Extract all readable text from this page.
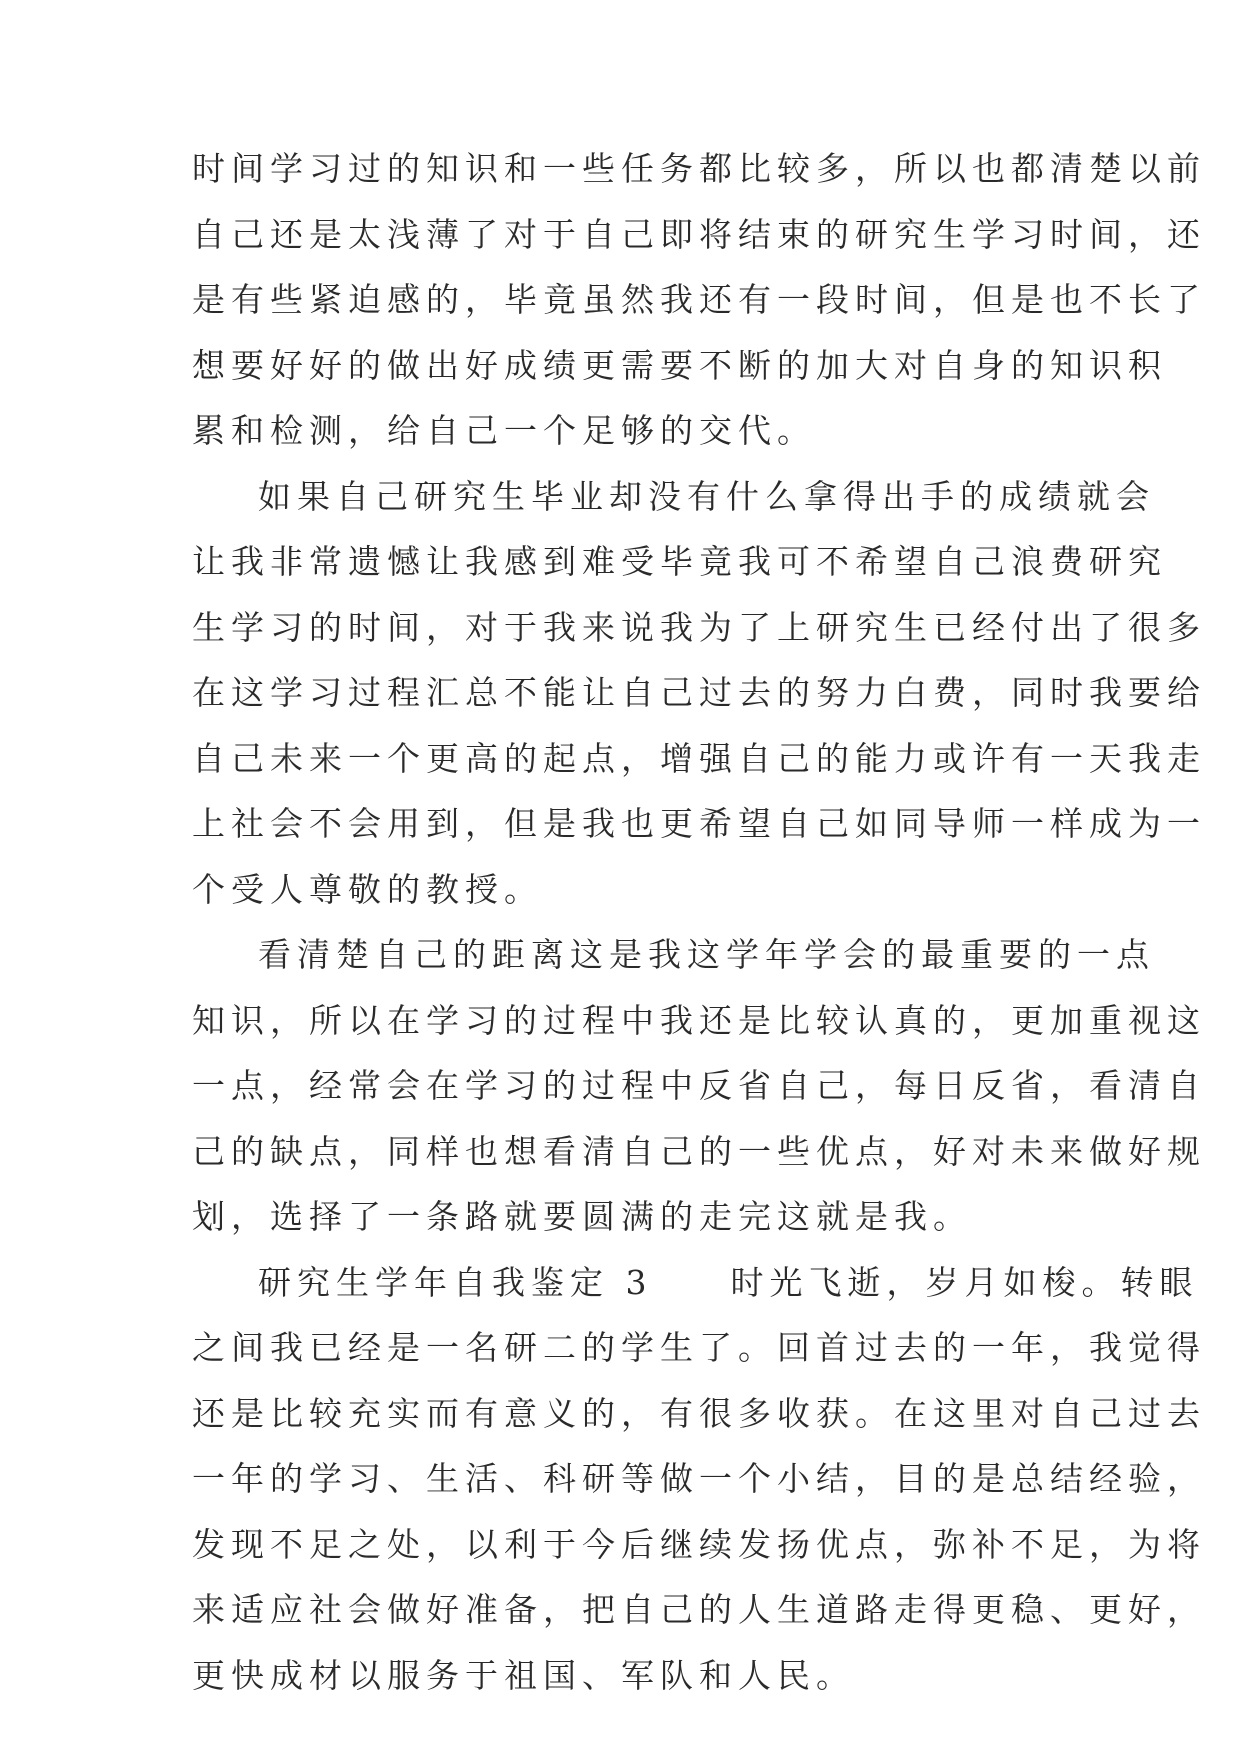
时间学习过的知识和一些任务都比较多，所以也都清楚以前
自己还是太浅薄了对于自己即将结束的研究生学习时间，还
是有些紧迫感的，毕竟虽然我还有一段时间，但是也不长了
想要好好的做出好成绩更需要不断的加大对自身的知识积
累和检测，给自己一个足够的交代。
如果自己研究生毕业却没有什么拿得出手的成绩就会
让我非常遗憾让我感到难受毕竟我可不希望自己浪费研究
生学习的时间，对于我来说我为了上研究生已经付出了很多
在这学习过程汇总不能让自己过去的努力白费，同时我要给
自己未来一个更高的起点，增强自己的能力或许有一天我走
上社会不会用到，但是我也更希望自己如同导师一样成为一
个受人尊敬的教授。
看清楚自己的距离这是我这学年学会的最重要的一点
知识，所以在学习的过程中我还是比较认真的，更加重视这
一点，经常会在学习的过程中反省自己，每日反省，看清自
己的缺点，同样也想看清自己的一些优点，好对未来做好规
划，选择了一条路就要圆满的走完这就是我。
研究生学年自我鉴定 3　　时光飞逝，岁月如梭。转眼
之间我已经是一名研二的学生了。回首过去的一年，我觉得
还是比较充实而有意义的，有很多收获。在这里对自己过去
一年的学习、生活、科研等做一个小结，目的是总结经验，
发现不足之处，以利于今后继续发扬优点，弥补不足，为将
来适应社会做好准备，把自己的人生道路走得更稳、更好，
更快成材以服务于祖国、军队和人民。
